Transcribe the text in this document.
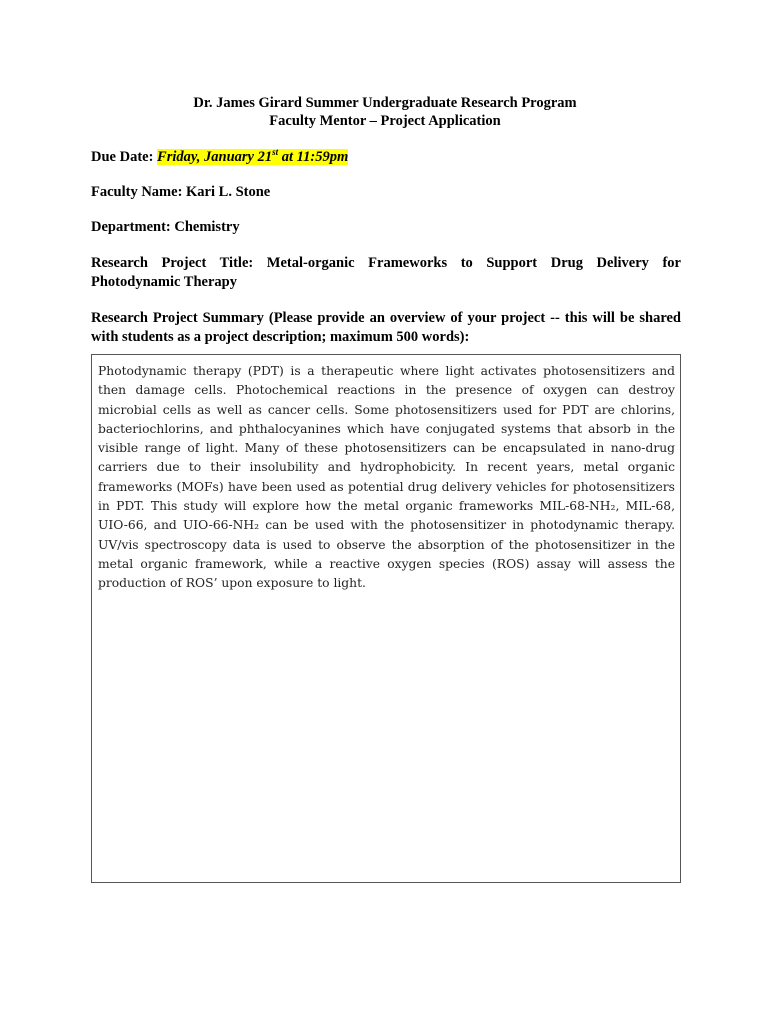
Dr. James Girard Summer Undergraduate Research Program
Faculty Mentor – Project Application
Due Date: Friday, January 21st at 11:59pm
Faculty Name: Kari L. Stone
Department: Chemistry
Research Project Title: Metal-organic Frameworks to Support Drug Delivery for
Photodynamic Therapy
Research Project Summary (Please provide an overview of your project -- this will be shared
with students as a project description; maximum 500 words):

Photodynamic therapy (PDT) is a therapeutic where light activates photosensitizers and then damage cells. Photochemical reactions in the presence of oxygen can destroy microbial cells as well as cancer cells. Some photosensitizers used for PDT are chlorins, bacteriochlorins, and phthalocyanines which have conjugated systems that absorb in the visible range of light. Many of these photosensitizers can be encapsulated in nano-drug carriers due to their insolubility and hydrophobicity. In recent years, metal organic frameworks (MOFs) have been used as potential drug delivery vehicles for photosensitizers in PDT. This study will explore how the metal organic frameworks MIL-68-NH₂, MIL-68, UIO-66, and UIO-66-NH₂ can be used with the photosensitizer in photodynamic therapy. UV/vis spectroscopy data is used to observe the absorption of the photosensitizer in the metal organic framework, while a reactive oxygen species (ROS) assay will assess the production of ROS’ upon exposure to light.
